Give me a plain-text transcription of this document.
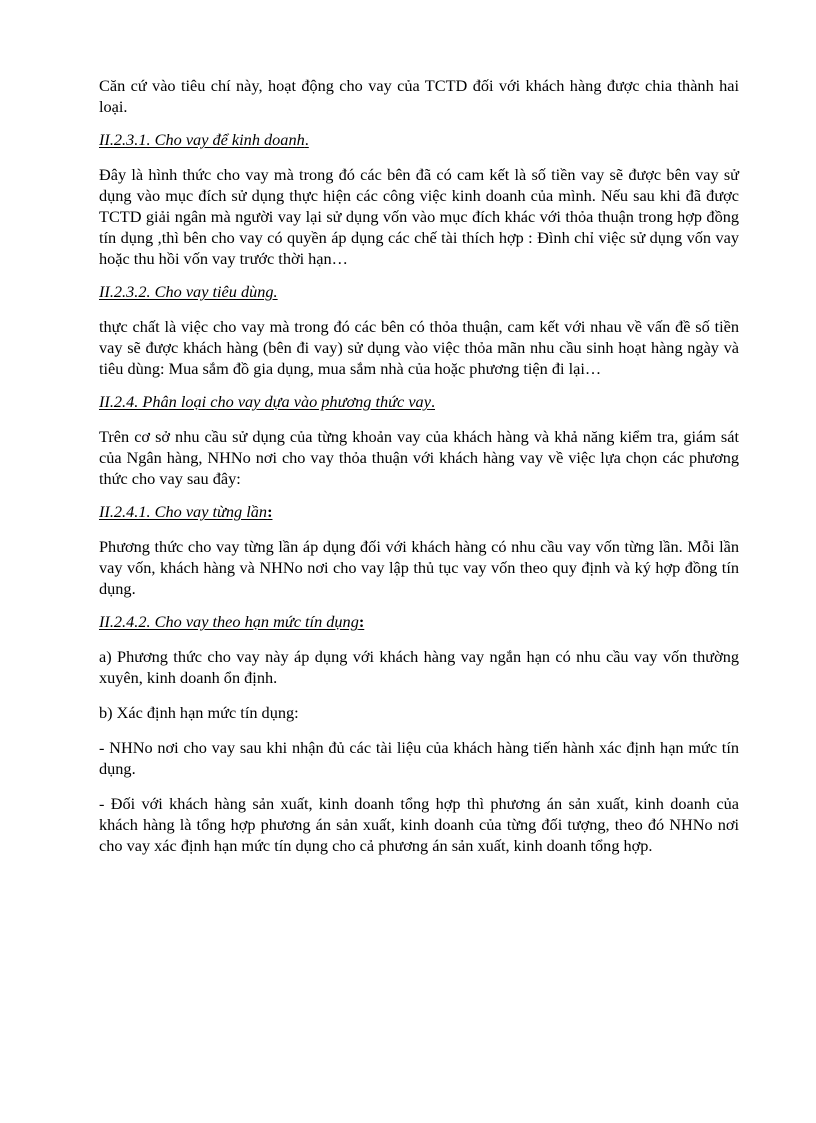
Căn cứ vào tiêu chí này, hoạt động cho vay của TCTD đối với khách hàng được chia thành hai loại.

II.2.3.1. Cho vay để kinh doanh.

Đây là hình thức cho vay mà trong đó các bên đã có cam kết là số tiền vay sẽ được bên vay sử dụng vào mục đích sử dụng thực hiện các công việc kinh doanh của mình. Nếu sau khi đã được TCTD giải ngân mà người vay lại sử dụng vốn vào mục đích khác với thỏa thuận trong hợp đồng tín dụng ,thì bên cho vay có quyền áp dụng các chế tài thích hợp : Đình chỉ việc sử dụng vốn vay hoặc thu hồi vốn vay trước thời hạn…

II.2.3.2. Cho vay tiêu dùng.

thực chất là việc cho vay mà trong đó các bên có thỏa thuận, cam kết với nhau về vấn đề số tiền vay sẽ được khách hàng (bên đi vay) sử dụng vào việc thỏa mãn nhu cầu sinh hoạt hàng ngày và tiêu dùng: Mua sắm đồ gia dụng, mua sắm nhà của hoặc phương tiện đi lại…

II.2.4. Phân loại cho vay dựa vào phương thức vay.

Trên cơ sở nhu cầu sử dụng của từng khoản vay của khách hàng và khả năng kiểm tra, giám sát của Ngân hàng, NHNo nơi cho vay thỏa thuận với khách hàng vay về việc lựa chọn các phương thức cho vay sau đây:

II.2.4.1. Cho vay từng lần:

Phương thức cho vay từng lần áp dụng đối với khách hàng có nhu cầu vay vốn từng lần. Mỗi lần vay vốn, khách hàng và NHNo nơi cho vay lập thủ tục vay vốn theo quy định và ký hợp đồng tín dụng.

II.2.4.2. Cho vay theo hạn mức tín dụng:

a) Phương thức cho vay này áp dụng với khách hàng vay ngắn hạn có nhu cầu vay vốn thường xuyên, kinh doanh ổn định.

b) Xác định hạn mức tín dụng:

- NHNo nơi cho vay sau khi nhận đủ các tài liệu của khách hàng tiến hành xác định hạn mức tín dụng.

- Đối với khách hàng sản xuất, kinh doanh tổng hợp thì phương án sản xuất, kinh doanh của khách hàng là tổng hợp phương án sản xuất, kinh doanh của từng đối tượng, theo đó NHNo nơi cho vay xác định hạn mức tín dụng cho cả phương án sản xuất, kinh doanh tổng hợp.
